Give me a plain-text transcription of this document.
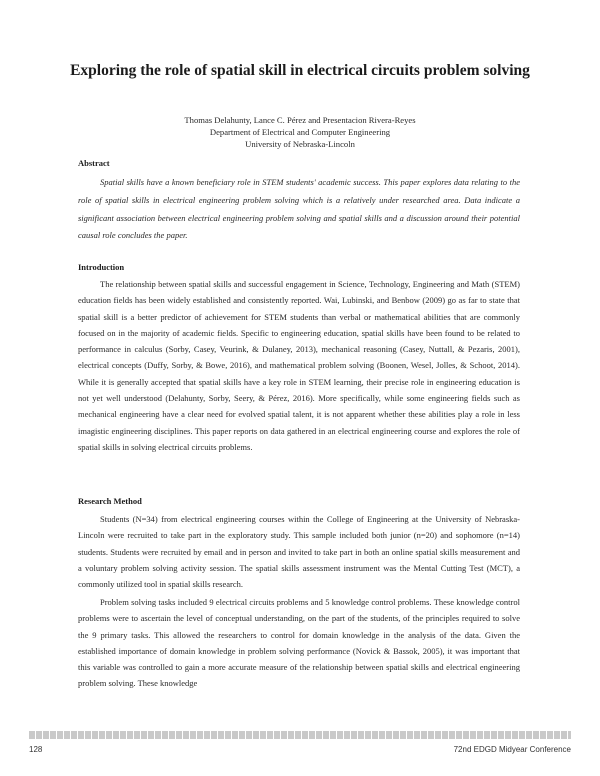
Exploring the role of spatial skill in electrical circuits problem solving
Thomas Delahunty, Lance C. Pérez and Presentacion Rivera-Reyes
Department of Electrical and Computer Engineering
University of Nebraska-Lincoln
Abstract
Spatial skills have a known beneficiary role in STEM students' academic success. This paper explores data relating to the role of spatial skills in electrical engineering problem solving which is a relatively under researched area. Data indicate a significant association between electrical engineering problem solving and spatial skills and a discussion around their potential causal role concludes the paper.
Introduction
The relationship between spatial skills and successful engagement in Science, Technology, Engineering and Math (STEM) education fields has been widely established and consistently reported. Wai, Lubinski, and Benbow (2009) go as far to state that spatial skill is a better predictor of achievement for STEM students than verbal or mathematical abilities that are commonly focused on in the majority of academic fields. Specific to engineering education, spatial skills have been found to be related to performance in calculus (Sorby, Casey, Veurink, & Dulaney, 2013), mechanical reasoning (Casey, Nuttall, & Pezaris, 2001), electrical concepts (Duffy, Sorby, & Bowe, 2016), and mathematical problem solving (Boonen, Wesel, Jolles, & Schoot, 2014). While it is generally accepted that spatial skills have a key role in STEM learning, their precise role in engineering education is not yet well understood (Delahunty, Sorby, Seery, & Pérez, 2016). More specifically, while some engineering fields such as mechanical engineering have a clear need for evolved spatial talent, it is not apparent whether these abilities play a role in less imagistic engineering disciplines. This paper reports on data gathered in an electrical engineering course and explores the role of spatial skills in solving electrical circuits problems.
Research Method
Students (N=34) from electrical engineering courses within the College of Engineering at the University of Nebraska-Lincoln were recruited to take part in the exploratory study. This sample included both junior (n=20) and sophomore (n=14) students. Students were recruited by email and in person and invited to take part in both an online spatial skills measurement and a voluntary problem solving activity session. The spatial skills assessment instrument was the Mental Cutting Test (MCT), a commonly utilized tool in spatial skills research.
Problem solving tasks included 9 electrical circuits problems and 5 knowledge control problems. These knowledge control problems were to ascertain the level of conceptual understanding, on the part of the students, of the principles required to solve the 9 primary tasks. This allowed the researchers to control for domain knowledge in the analysis of the data. Given the established importance of domain knowledge in problem solving performance (Novick & Bassok, 2005), it was important that this variable was controlled to gain a more accurate measure of the relationship between spatial skills and electrical engineering problem solving. These knowledge
128	72nd EDGD Midyear Conference
